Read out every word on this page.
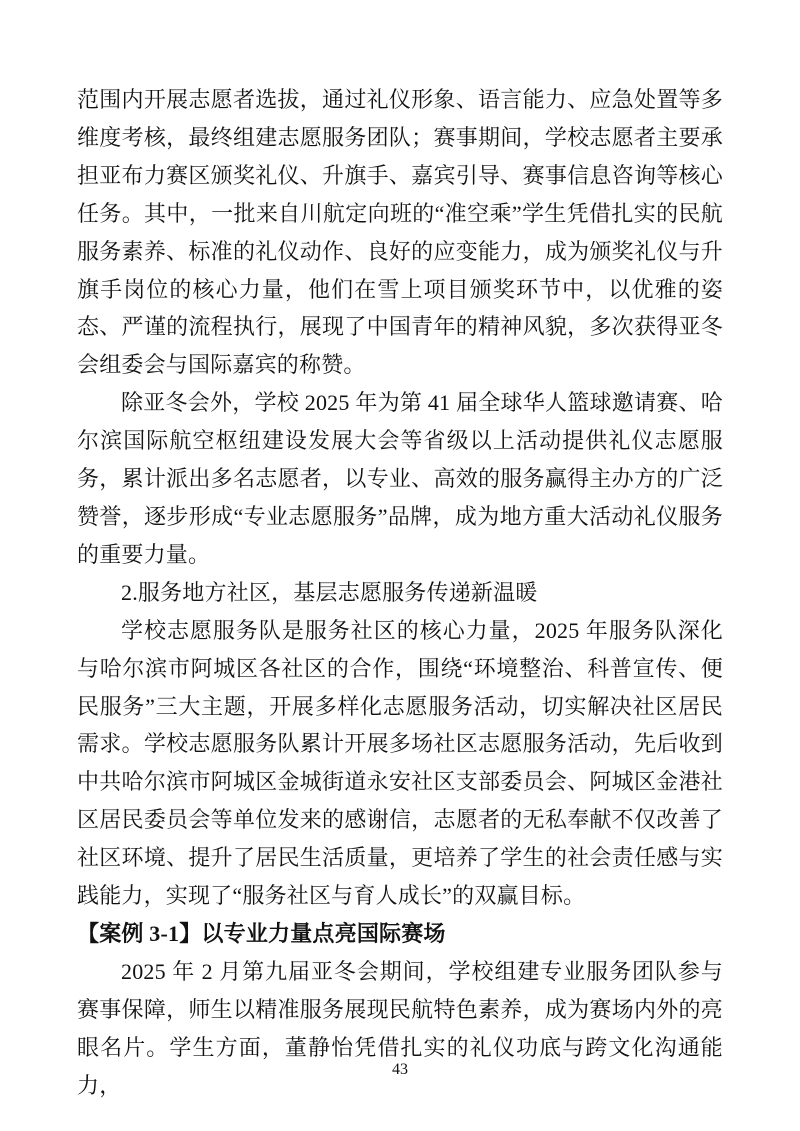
范围内开展志愿者选拔，通过礼仪形象、语言能力、应急处置等多维度考核，最终组建志愿服务团队；赛事期间，学校志愿者主要承担亚布力赛区颁奖礼仪、升旗手、嘉宾引导、赛事信息咨询等核心任务。其中，一批来自川航定向班的“准空乘”学生凭借扎实的民航服务素养、标准的礼仪动作、良好的应变能力，成为颁奖礼仪与升旗手岗位的核心力量，他们在雪上项目颁奖环节中，以优雅的姿态、严谨的流程执行，展现了中国青年的精神风貌，多次获得亚冬会组委会与国际嘉宾的称赞。

除亚冬会外，学校 2025 年为第 41 届全球华人篮球邀请赛、哈尔滨国际航空枢纽建设发展大会等省级以上活动提供礼仪志愿服务，累计派出多名志愿者，以专业、高效的服务赢得主办方的广泛赞誉，逐步形成“专业志愿服务”品牌，成为地方重大活动礼仪服务的重要力量。

2.服务地方社区，基层志愿服务传递新温暖

学校志愿服务队是服务社区的核心力量，2025 年服务队深化与哈尔滨市阿城区各社区的合作，围绕“环境整治、科普宣传、便民服务”三大主题，开展多样化志愿服务活动，切实解决社区居民需求。学校志愿服务队累计开展多场社区志愿服务活动，先后收到中共哈尔滨市阿城区金城街道永安社区支部委员会、阿城区金港社区居民委员会等单位发来的感谢信，志愿者的无私奉献不仅改善了社区环境、提升了居民生活质量，更培养了学生的社会责任感与实践能力，实现了“服务社区与育人成长”的双赢目标。

【案例 3-1】以专业力量点亮国际赛场

2025 年 2 月第九届亚冬会期间，学校组建专业服务团队参与赛事保障，师生以精准服务展现民航特色素养，成为赛场内外的亮眼名片。学生方面，董静怡凭借扎实的礼仪功底与跨文化沟通能力，

43
